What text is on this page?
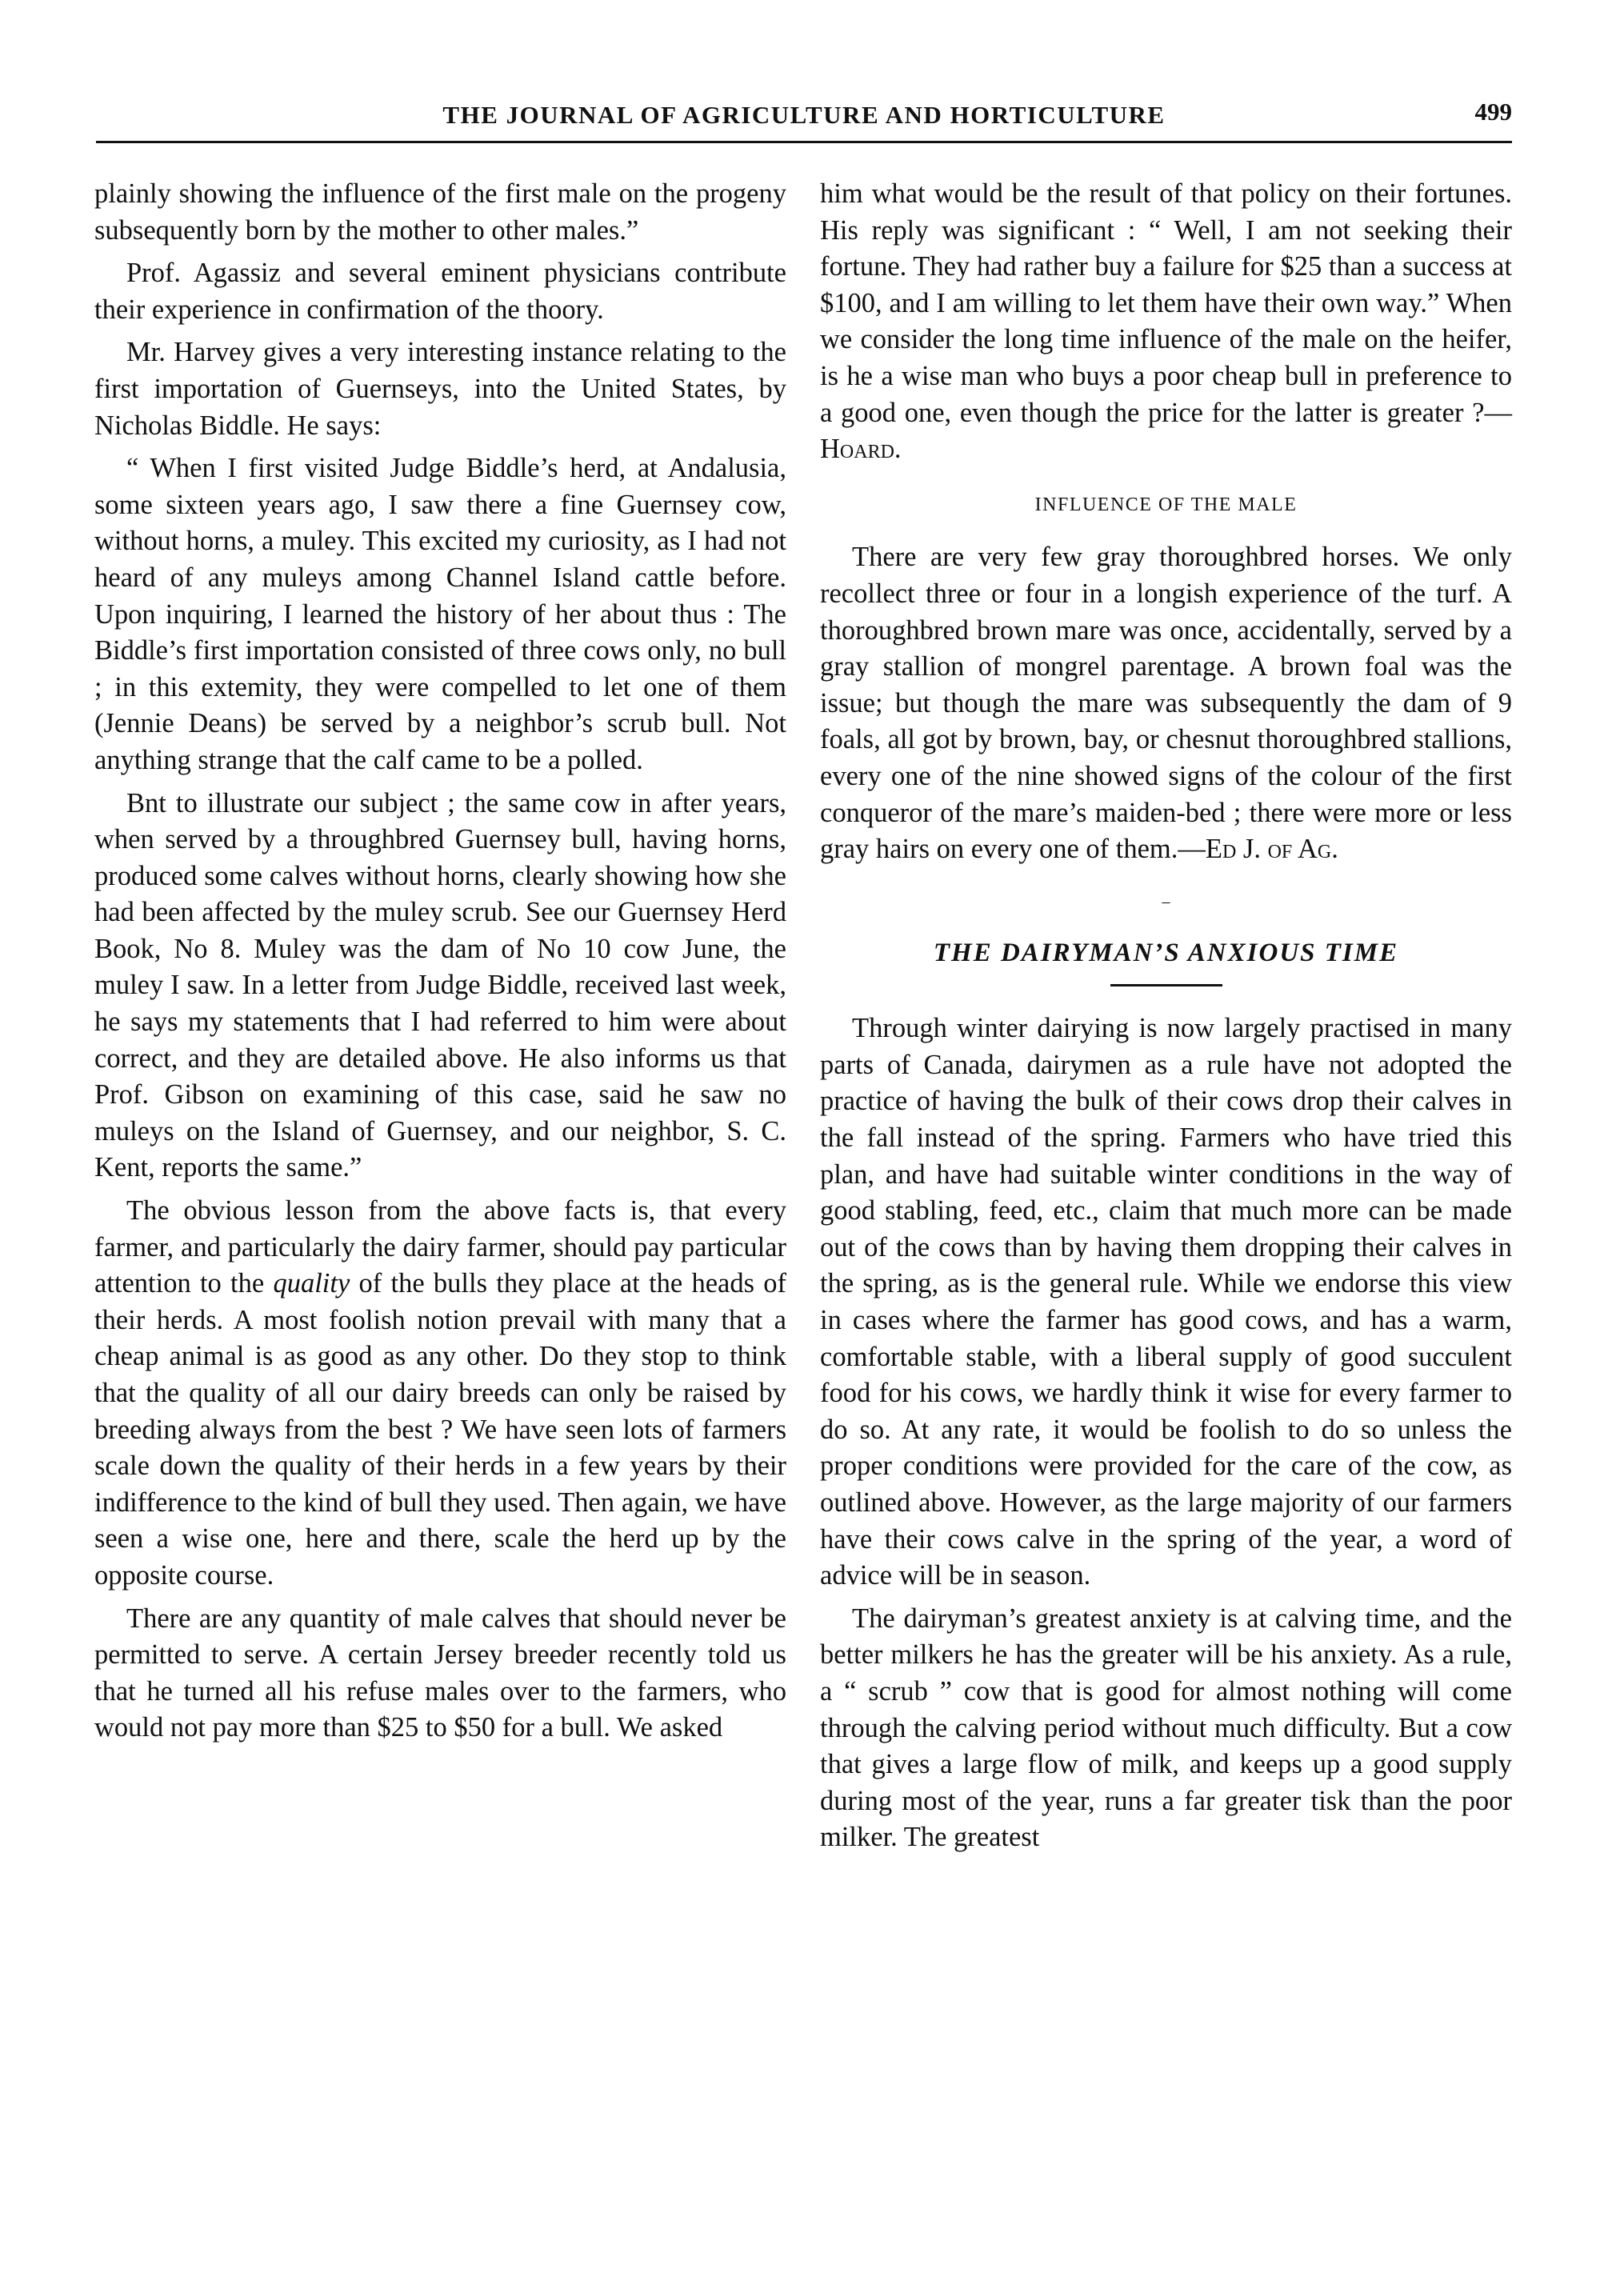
THE JOURNAL OF AGRICULTURE AND HORTICULTURE	499

plainly showing the influence of the first male on the progeny subsequently born by the mother to other males.”

Prof. Agassiz and several eminent physicians contribute their experience in confirmation of the thoory.

Mr. Harvey gives a very interesting instance relating to the first importation of Guernseys, into the United States, by Nicholas Biddle. He says:

“ When I first visited Judge Biddle’s herd, at Andalusia, some sixteen years ago, I saw there a fine Guernsey cow, without horns, a muley. This excited my curiosity, as I had not heard of any muleys among Channel Island cattle before. Upon inquiring, I learned the history of her about thus : The Biddle’s first importation consisted of three cows only, no bull ; in this extemity, they were compelled to let one of them (Jennie Deans) be served by a neighbor’s scrub bull. Not anything strange that the calf came to be a polled.

Bnt to illustrate our subject ; the same cow in after years, when served by a throughbred Guernsey bull, having horns, produced some calves without horns, clearly showing how she had been affected by the muley scrub. See our Guernsey Herd Book, No 8. Muley was the dam of No 10 cow June, the muley I saw. In a letter from Judge Biddle, received last week, he says my statements that I had referred to him were about correct, and they are detailed above. He also informs us that Prof. Gibson on examining of this case, said he saw no muleys on the Island of Guernsey, and our neighbor, S. C. Kent, reports the same.”

The obvious lesson from the above facts is, that every farmer, and particularly the dairy farmer, should pay particular attention to the quality of the bulls they place at the heads of their herds. A most foolish notion prevail with many that a cheap animal is as good as any other. Do they stop to think that the quality of all our dairy breeds can only be raised by breeding always from the best ? We have seen lots of farmers scale down the quality of their herds in a few years by their indifference to the kind of bull they used. Then again, we have seen a wise one, here and there, scale the herd up by the opposite course.

There are any quantity of male calves that should never be permitted to serve. A certain Jersey breeder recently told us that he turned all his refuse males over to the farmers, who would not pay more than $25 to $50 for a bull. We asked

him what would be the result of that policy on their fortunes. His reply was significant : “ Well, I am not seeking their fortune. They had rather buy a failure for $25 than a success at $100, and I am willing to let them have their own way.” When we consider the long time influence of the male on the heifer, is he a wise man who buys a poor cheap bull in preference to a good one, even though the price for the latter is greater ?—Hoard.

INFLUENCE OF THE MALE

There are very few gray thoroughbred horses. We only recollect three or four in a longish experience of the turf. A thoroughbred brown mare was once, accidentally, served by a gray stallion of mongrel parentage. A brown foal was the issue; but though the mare was subsequently the dam of 9 foals, all got by brown, bay, or chesnut thoroughbred stallions, every one of the nine showed signs of the colour of the first conqueror of the mare’s maiden-bed ; there were more or less gray hairs on every one of them.—Ed J. of Ag.

–
THE DAIRYMAN’S ANXIOUS TIME

Through winter dairying is now largely practised in many parts of Canada, dairymen as a rule have not adopted the practice of having the bulk of their cows drop their calves in the fall instead of the spring. Farmers who have tried this plan, and have had suitable winter conditions in the way of good stabling, feed, etc., claim that much more can be made out of the cows than by having them dropping their calves in the spring, as is the general rule. While we endorse this view in cases where the farmer has good cows, and has a warm, comfortable stable, with a liberal supply of good succulent food for his cows, we hardly think it wise for every farmer to do so. At any rate, it would be foolish to do so unless the proper conditions were provided for the care of the cow, as outlined above. However, as the large majority of our farmers have their cows calve in the spring of the year, a word of advice will be in season.

The dairyman’s greatest anxiety is at calving time, and the better milkers he has the greater will be his anxiety. As a rule, a “ scrub ” cow that is good for almost nothing will come through the calving period without much difficulty. But a cow that gives a large flow of milk, and keeps up a good supply during most of the year, runs a far greater tisk than the poor milker. The greatest
